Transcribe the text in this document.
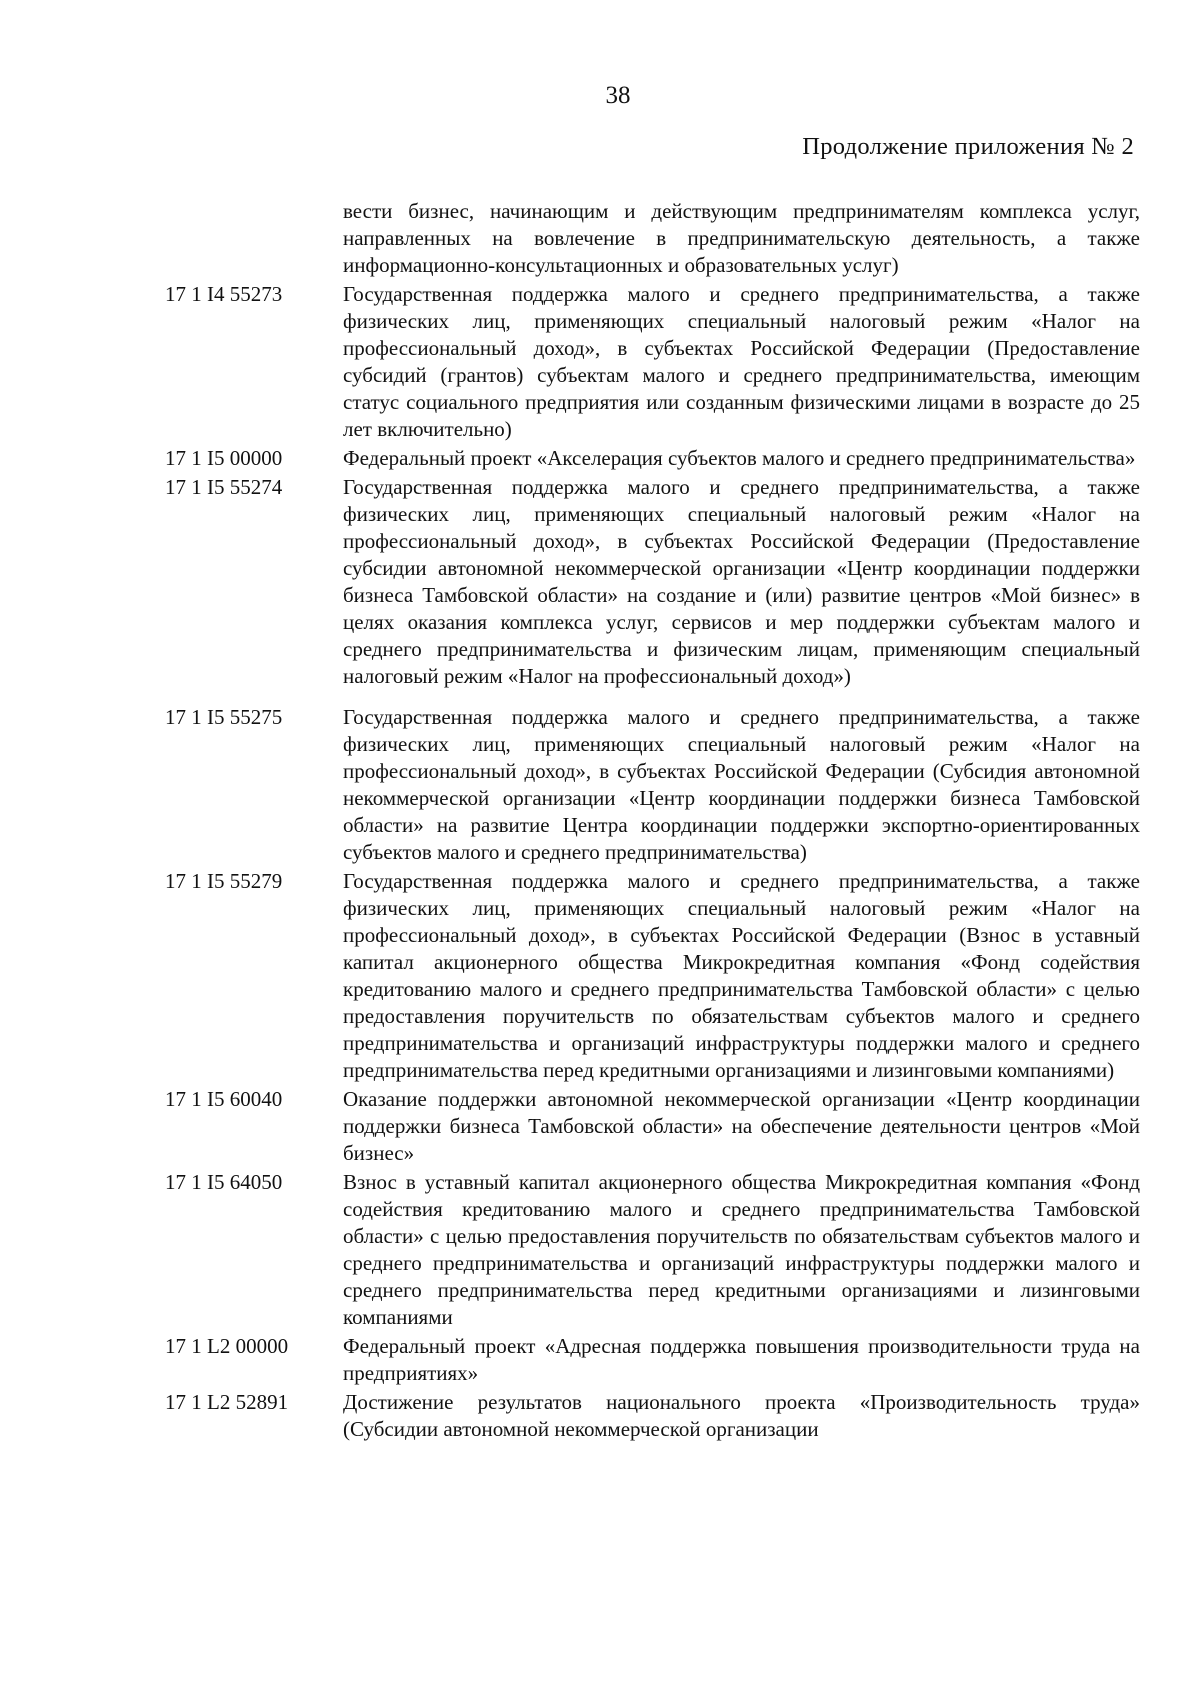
38
Продолжение приложения № 2
вести бизнес, начинающим и действующим предпринимателям комплекса услуг, направленных на вовлечение в предпринимательскую деятельность, а также информационно-консультационных и образовательных услуг)
17 1 I4 55273	Государственная поддержка малого и среднего предпринимательства, а также физических лиц, применяющих специальный налоговый режим «Налог на профессиональный доход», в субъектах Российской Федерации (Предоставление субсидий (грантов) субъектам малого и среднего предпринимательства, имеющим статус социального предприятия или созданным физическими лицами в возрасте до 25 лет включительно)
17 1 I5 00000	Федеральный проект «Акселерация субъектов малого и среднего предпринимательства»
17 1 I5 55274	Государственная поддержка малого и среднего предпринимательства, а также физических лиц, применяющих специальный налоговый режим «Налог на профессиональный доход», в субъектах Российской Федерации (Предоставление субсидии автономной некоммерческой организации «Центр координации поддержки бизнеса Тамбовской области» на создание и (или) развитие центров «Мой бизнес» в целях оказания комплекса услуг, сервисов и мер поддержки субъектам малого и среднего предпринимательства и физическим лицам, применяющим специальный налоговый режим «Налог на профессиональный доход»)
17 1 I5 55275	Государственная поддержка малого и среднего предпринимательства, а также физических лиц, применяющих специальный налоговый режим «Налог на профессиональный доход», в субъектах Российской Федерации (Субсидия автономной некоммерческой организации «Центр координации поддержки бизнеса Тамбовской области» на развитие Центра координации поддержки экспортно-ориентированных субъектов малого и среднего предпринимательства)
17 1 I5 55279	Государственная поддержка малого и среднего предпринимательства, а также физических лиц, применяющих специальный налоговый режим «Налог на профессиональный доход», в субъектах Российской Федерации (Взнос в уставный капитал акционерного общества Микрокредитная компания «Фонд содействия кредитованию малого и среднего предпринимательства Тамбовской области» с целью предоставления поручительств по обязательствам субъектов малого и среднего предпринимательства и организаций инфраструктуры поддержки малого и среднего предпринимательства перед кредитными организациями и лизинговыми компаниями)
17 1 I5 60040	Оказание поддержки автономной некоммерческой организации «Центр координации поддержки бизнеса Тамбовской области» на обеспечение деятельности центров «Мой бизнес»
17 1 I5 64050	Взнос в уставный капитал акционерного общества Микрокредитная компания «Фонд содействия кредитованию малого и среднего предпринимательства Тамбовской области» с целью предоставления поручительств по обязательствам субъектов малого и среднего предпринимательства и организаций инфраструктуры поддержки малого и среднего предпринимательства перед кредитными организациями и лизинговыми компаниями
17 1 L2 00000	Федеральный проект «Адресная поддержка повышения производительности труда на предприятиях»
17 1 L2 52891	Достижение результатов национального проекта «Производительность труда» (Субсидии автономной некоммерческой организации
